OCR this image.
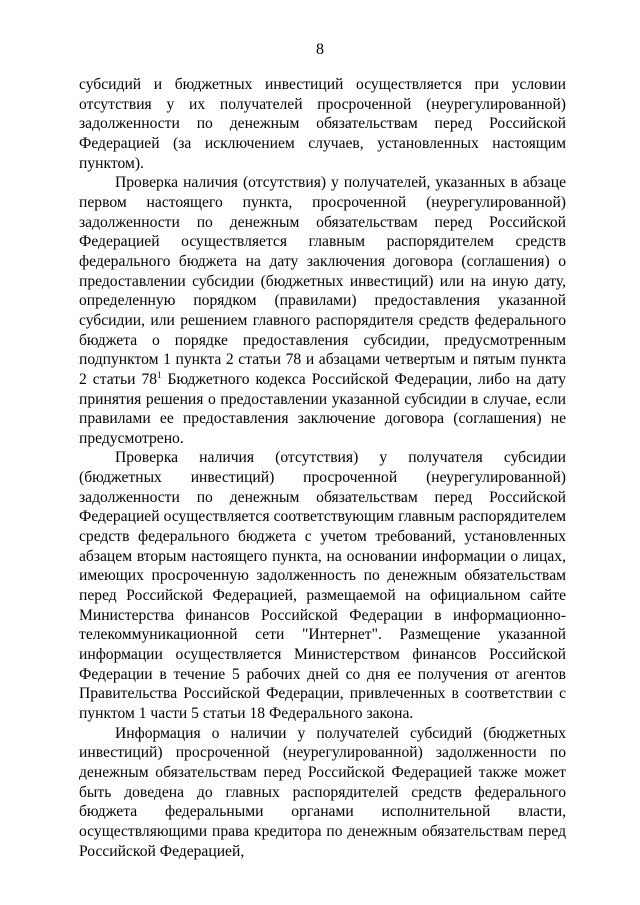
8

субсидий и бюджетных инвестиций осуществляется при условии отсутствия у их получателей просроченной (неурегулированной) задолженности по денежным обязательствам перед Российской Федерацией (за исключением случаев, установленных настоящим пунктом).

Проверка наличия (отсутствия) у получателей, указанных в абзаце первом настоящего пункта, просроченной (неурегулированной) задолженности по денежным обязательствам перед Российской Федерацией осуществляется главным распорядителем средств федерального бюджета на дату заключения договора (соглашения) о предоставлении субсидии (бюджетных инвестиций) или на иную дату, определенную порядком (правилами) предоставления указанной субсидии, или решением главного распорядителя средств федерального бюджета о порядке предоставления субсидии, предусмотренным подпунктом 1 пункта 2 статьи 78 и абзацами четвертым и пятым пункта 2 статьи $78^1$ Бюджетного кодекса Российской Федерации, либо на дату принятия решения о предоставлении указанной субсидии в случае, если правилами ее предоставления заключение договора (соглашения) не предусмотрено.

Проверка наличия (отсутствия) у получателя субсидии (бюджетных инвестиций) просроченной (неурегулированной) задолженности по денежным обязательствам перед Российской Федерацией осуществляется соответствующим главным распорядителем средств федерального бюджета с учетом требований, установленных абзацем вторым настоящего пункта, на основании информации о лицах, имеющих просроченную задолженность по денежным обязательствам перед Российской Федерацией, размещаемой на официальном сайте Министерства финансов Российской Федерации в информационно-телекоммуникационной сети "Интернет". Размещение указанной информации осуществляется Министерством финансов Российской Федерации в течение 5 рабочих дней со дня ее получения от агентов Правительства Российской Федерации, привлеченных в соответствии с пунктом 1 части 5 статьи 18 Федерального закона.

Информация о наличии у получателей субсидий (бюджетных инвестиций) просроченной (неурегулированной) задолженности по денежным обязательствам перед Российской Федерацией также может быть доведена до главных распорядителей средств федерального бюджета федеральными органами исполнительной власти, осуществляющими права кредитора по денежным обязательствам перед Российской Федерацией,
